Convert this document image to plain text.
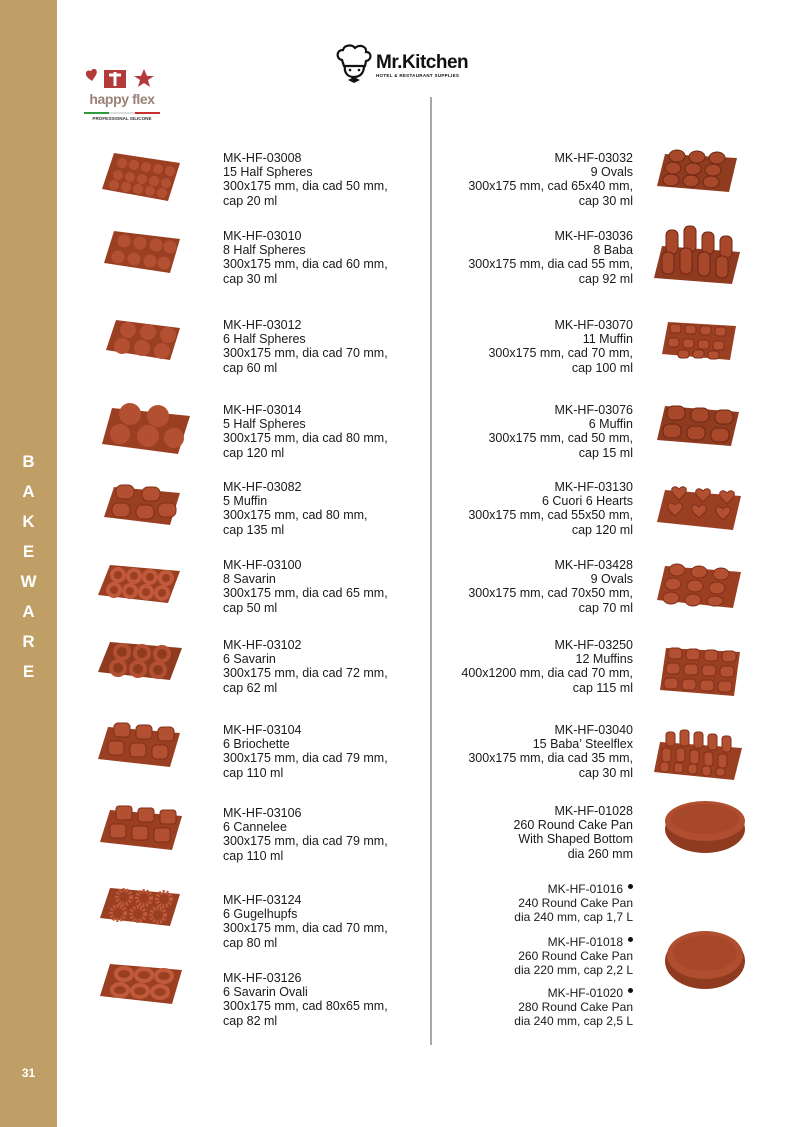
B
A
K
E
W
A
R
E
31
Mr.Kitchen
HOTEL & RESTAURANT SUPPLIES
happy flex
PROFESSIONAL SILICONE
MK-HF-03008
15 Half Spheres
300x175 mm, dia cad 50 mm,
cap 20 ml
MK-HF-03010
8 Half Spheres
300x175 mm, dia cad 60 mm,
cap 30 ml
MK-HF-03012
6 Half Spheres
300x175 mm, dia cad 70 mm,
cap 60 ml
MK-HF-03014
5 Half Spheres
300x175 mm, dia cad 80 mm,
cap 120 ml
MK-HF-03082
5 Muffin
300x175 mm, cad 80 mm,
cap 135 ml
MK-HF-03100
8 Savarin
300x175 mm, dia cad 65 mm,
cap 50 ml
MK-HF-03102
6 Savarin
300x175 mm, dia cad 72 mm,
cap 62 ml
MK-HF-03104
6 Briochette
300x175 mm, dia cad 79 mm,
cap 110 ml
MK-HF-03106
6 Cannelee
300x175 mm, dia cad 79 mm,
cap 110 ml
MK-HF-03124
6 Gugelhupfs
300x175 mm, dia cad 70 mm,
cap 80 ml
MK-HF-03126
6 Savarin Ovali
300x175 mm, cad 80x65 mm,
cap 82 ml
MK-HF-03032
9 Ovals
300x175 mm, cad 65x40 mm,
cap 30 ml
MK-HF-03036
8 Baba
300x175 mm, dia cad 55 mm,
cap 92 ml
MK-HF-03070
11 Muffin
300x175 mm, cad 70 mm,
cap 100 ml
MK-HF-03076
6 Muffin
300x175 mm, cad 50 mm,
cap 15 ml
MK-HF-03130
6 Cuori 6 Hearts
300x175 mm, cad 55x50 mm,
cap 120 ml
MK-HF-03428
9 Ovals
300x175 mm, cad 70x50 mm,
cap 70 ml
MK-HF-03250
12 Muffins
400x1200 mm, dia cad 70 mm,
cap 115 ml
MK-HF-03040
15 Baba’ Steelflex
300x175 mm, dia cad 35 mm,
cap 30 ml
MK-HF-01028
260 Round Cake Pan
With Shaped Bottom
dia 260 mm
MK-HF-01016
240 Round Cake Pan
dia 240 mm, cap 1,7 L
MK-HF-01018
260 Round Cake Pan
dia 220 mm, cap 2,2 L
MK-HF-01020
280 Round Cake Pan
dia 240 mm, cap 2,5 L
